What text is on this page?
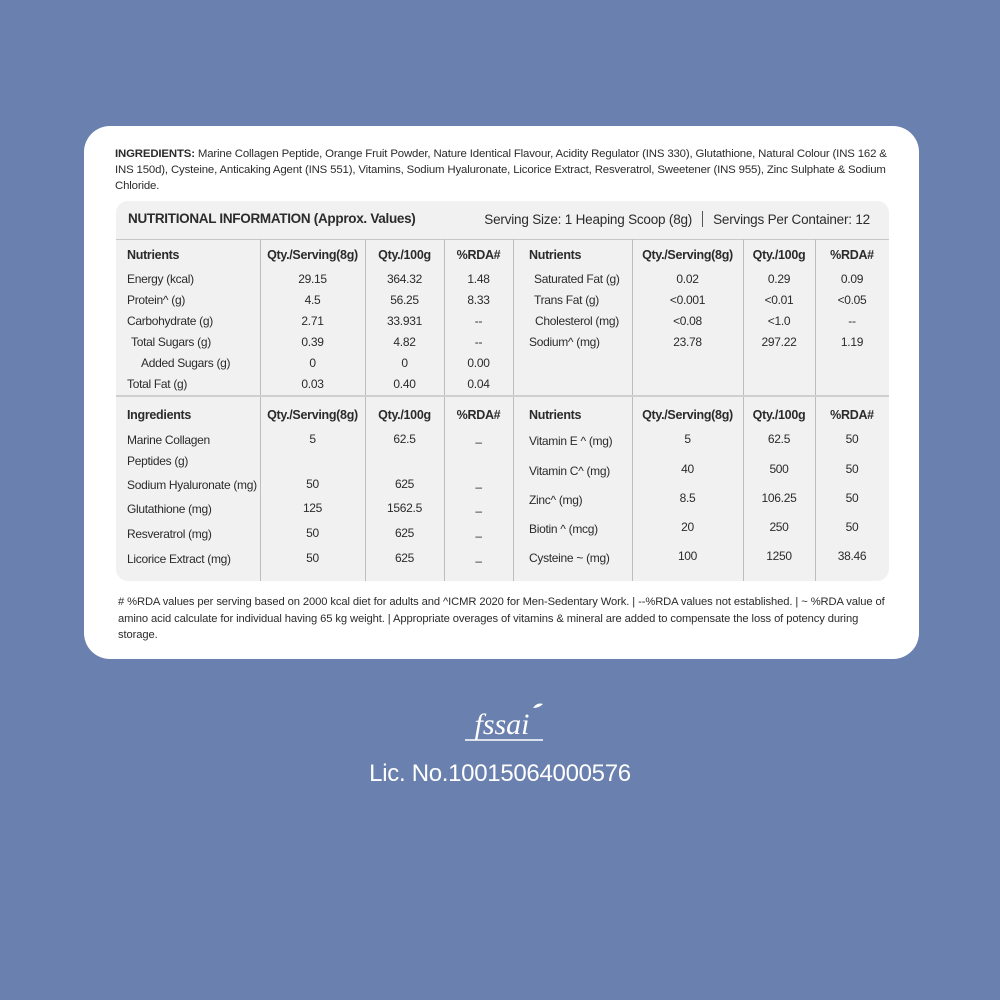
INGREDIENTS: Marine Collagen Peptide, Orange Fruit Powder, Nature Identical Flavour, Acidity Regulator (INS 330), Glutathione, Natural Colour (INS 162 & INS 150d), Cysteine, Anticaking Agent (INS 551), Vitamins, Sodium Hyaluronate, Licorice Extract, Resveratrol, Sweetener (INS 955), Zinc Sulphate & Sodium Chloride.
NUTRITIONAL INFORMATION (Approx. Values)	Serving Size: 1 Heaping Scoop (8g) Servings Per Container: 12
Nutrients	Qty./Serving(8g)	Qty./100g	%RDA#	Nutrients	Qty./Serving(8g)	Qty./100g	%RDA#
Energy (kcal)	29.15	364.32	1.48
Protein^ (g)	4.5	56.25	8.33
Carbohydrate (g)	2.71	33.931	--
Total Sugars (g)	0.39	4.82	--
Added Sugars (g)	0	0	0.00
Total Fat (g)	0.03	0.40	0.04
Saturated Fat (g)	0.02	0.29	0.09
Trans Fat (g)	<0.001	<0.01	<0.05
Cholesterol (mg)	<0.08	<1.0	--
Sodium^ (mg)	23.78	297.22	1.19
Ingredients	Qty./Serving(8g)	Qty./100g	%RDA#	Nutrients	Qty./Serving(8g)	Qty./100g	%RDA#
Marine Collagen	5	62.5	–
Peptides (g)
Sodium Hyaluronate (mg)	50	625	–
Glutathione (mg)	125	1562.5	–
Resveratrol (mg)	50	625	–
Licorice Extract (mg)	50	625	–
Vitamin E ^ (mg)	5	62.5	50
Vitamin C^ (mg)	40	500	50
Zinc^ (mg)	8.5	106.25	50
Biotin ^ (mcg)	20	250	50
Cysteine ~ (mg)	100	1250	38.46
# %RDA values per serving based on 2000 kcal diet for adults and ^ICMR 2020 for Men-Sedentary Work. | --%RDA values not established. | ~ %RDA value of amino acid calculate for individual having 65 kg weight. | Appropriate overages of vitamins & mineral are added to compensate the loss of potency during storage.
fssai
Lic. No.10015064000576
